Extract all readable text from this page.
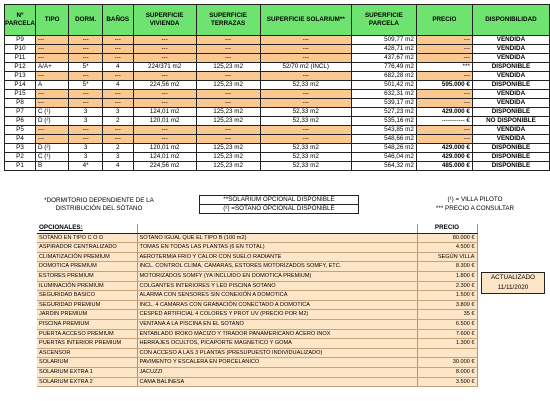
Nº PARCELA	TIPO	DORM.	BAÑOS	SUPERFICIE VIVIENDA	SUPERFICIE TERRAZAS	SUPERFICIE SOLARIUM**	SUPERFICIE PARCELA	PRECIO	DISPONIBILIDAD
P9	---	---	---	---	---	---	509,77 m2	---	VENDIDA
P10	---	---	---	---	---	---	428,71 m2	---	VENDIDA
P11	---	---	---	---	---	---	437,67 m2	---	VENDIDA
P12	A/A+	5*	4	224/371 m2	125,23 m2	52/70 m2 (INCL)	776,49 m2	***	DISPONIBLE
P13	---	---	---	---	---	---	682,28 m2	---	VENDIDA
P14	A	5*	4	224,56 m2	125,23 m2	52,33 m2	501,42 m2	595.000 €	DISPONIBLE
P15	---	---	---	---	---	---	632,31 m2	---	VENDIDA
P8	---	---	---	---	---	---	539,17 m2	---	VENDIDA
P7	C (¹)	3	3	124,01 m2	125,23 m2	52,33 m2	527,23 m2	429.000 €	DISPONIBLE
P6	D (²)	3	2	120,01 m2	125,23 m2	52,33 m2	535,16 m2	----------- €	NO DISPONIBLE
P5	---	---	---	---	---	---	543,85 m2	---	VENDIDA
P4	---	---	---	---	---	---	548,66 m2	---	VENDIDA
P3	D (²)	3	2	120,01 m2	125,23 m2	52,33 m2	548,26 m2	429.000 €	DISPONIBLE
P2	C (¹)	3	3	124,01 m2	125,23 m2	52,33 m2	546,04 m2	429.000 €	DISPONIBLE
P1	B	4*	4	224,56 m2	125,23 m2	52,33 m2	564,32 m2	485.000 €	DISPONIBLE
*DORMITORIO DEPENDIENTE DE LA DISTRIBUCIÓN DEL SÓTANO
**SOLARIUM OPCIONAL DISPONIBLE
(²) =SÓTANO OPCIONAL DISPONIBLE
(¹) = VILLA PILOTO
*** PRECIO A CONSULTAR
OPCIONALES:		PRECIO
SOTANO EN TIPO C O D	SOTANO IGUAL QUE EL TIPO B (100 m2)	80.000 €
ASPIRADOR CENTRALIZADO	TOMAS EN TODAS LAS PLANTAS (6 EN TOTAL)	4.500 €
CLIMATIZACIÓN PREMIUM	AEROTERMIA FRIO Y CALOR CON SUELO RADIANTE	SEGÚN VILLA
DOMOTICA PREMIUM	INCL. CONTROL CLIMA, CAMARAS, ESTORES MOTORIZADOS SOMFY, ETC.	8.300 €
ESTORES PREMIUM	MOTORIZADOS SOMFY (YA INCLUIDO EN DOMOTICA PREMIUM)	1.800 €
ILUMINACIÓN PREMIUM	COLGANTES INTERIORES Y LED PISCINA SOTANO	2.300 €
SEGURIDAD BASICO	ALARMA CON SENSORES SIN CONEXIÓN A DOMOTICA	1.500 €
SEGURIDAD PREMIUM	INCL. 4 CAMARAS CON GRABACIÓN CONECTADO A DOMOTICA	3.800 €
JARDIN PREMIUM	CESPED ARTIFICIAL 4 COLORES Y PROT UV (PRECIO POR M2)	35 €
PISCINA PREMIUM	VENTANA A LA PISCINA EN EL SOTANO	6.500 €
PUERTA ACCESO PREMIUM	ENTABLADO IROKO MACIZO Y TIRADOR PANAMERICANO ACERO INOX	7.600 €
PUERTAS INTERIOR PREMIUM	HERRAJES OCULTOS, PICAPORTE MAGNETICO Y GOMA	1.300 €
ASCENSOR	CON ACCESO A LAS 3 PLANTAS (PRESUPUESTO INDIVIDUALIZADO)	
SOLARIUM	PAVIMENTO Y ESCALERA EN PORCELANICO	30.000 €
SOLARIUM EXTRA 1	JACUZZI	8.000 €
SOLARIUM EXTRA 2	CAMA BALINESA	3.500 €
ACTUALIZADO
11/11/2020
